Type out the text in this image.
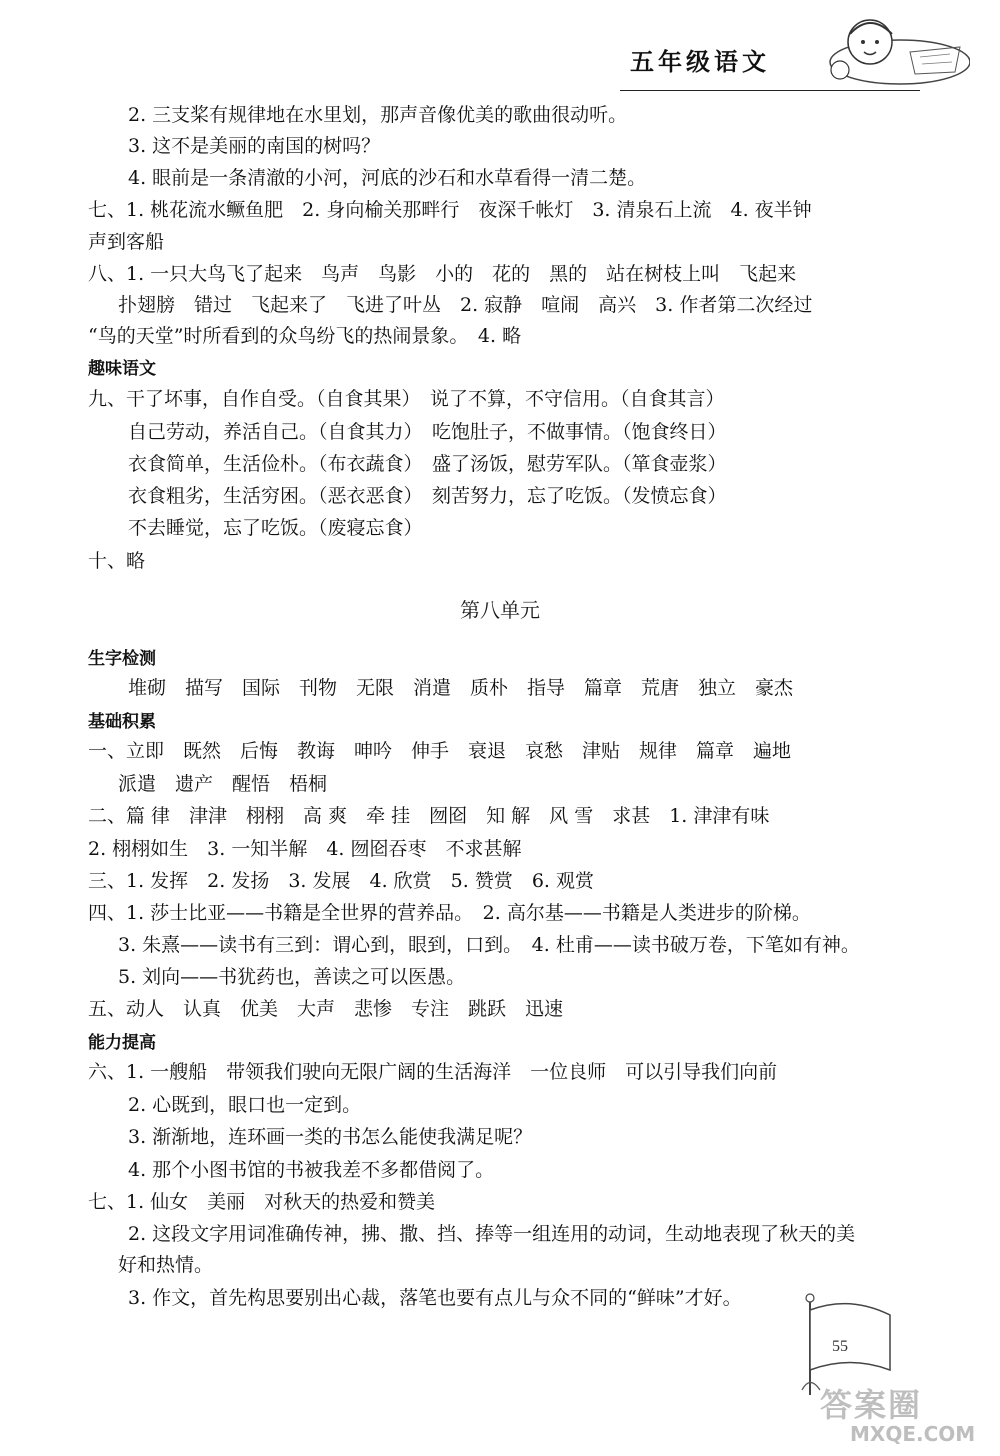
五年级语文
2. 三支桨有规律地在水里划，那声音像优美的歌曲很动听。
3. 这不是美丽的南国的树吗？
4. 眼前是一条清澈的小河，河底的沙石和水草看得一清二楚。
七、1. 桃花流水鳜鱼肥　2. 身向榆关那畔行　夜深千帐灯　3. 清泉石上流　4. 夜半钟
声到客船
八、1. 一只大鸟飞了起来　鸟声　鸟影　小的　花的　黑的　站在树枝上叫　飞起来
扑翅膀　错过　飞起来了　飞进了叶丛　2. 寂静　喧闹　高兴　3. 作者第二次经过
“鸟的天堂”时所看到的众鸟纷飞的热闹景象。　4. 略
趣味语文
九、干了坏事，自作自受。（自食其果）　说了不算，不守信用。（自食其言）
自己劳动，养活自己。（自食其力）　吃饱肚子，不做事情。（饱食终日）
衣食简单，生活俭朴。（布衣蔬食）　盛了汤饭，慰劳军队。（箪食壶浆）
衣食粗劣，生活穷困。（恶衣恶食）　刻苦努力，忘了吃饭。（发愤忘食）
不去睡觉，忘了吃饭。（废寝忘食）
十、略
第八单元
生字检测
堆砌　描写　国际　刊物　无限　消遣　质朴　指导　篇章　荒唐　独立　豪杰
基础积累
一、立即　既然　后悔　教诲　呻吟　伸手　衰退　哀愁　津贴　规律　篇章　遍地
派遣　遗产　醒悟　梧桐
二、篇 律　津津　栩栩　高 爽　牵 挂　囫囵　知 解　风 雪　求甚　1. 津津有味
2. 栩栩如生　3. 一知半解　4. 囫囵吞枣　不求甚解
三、1. 发挥　2. 发扬　3. 发展　4. 欣赏　5. 赞赏　6. 观赏
四、1. 莎士比亚——书籍是全世界的营养品。　2. 高尔基——书籍是人类进步的阶梯。
3. 朱熹——读书有三到：谓心到，眼到，口到。　4. 杜甫——读书破万卷，下笔如有神。
5. 刘向——书犹药也，善读之可以医愚。
五、动人　认真　优美　大声　悲惨　专注　跳跃　迅速
能力提高
六、1. 一艘船　带领我们驶向无限广阔的生活海洋　一位良师　可以引导我们向前
2. 心既到，眼口也一定到。
3. 渐渐地，连环画一类的书怎么能使我满足呢？
4. 那个小图书馆的书被我差不多都借阅了。
七、1. 仙女　美丽　对秋天的热爱和赞美
2. 这段文字用词准确传神，拂、撒、挡、捧等一组连用的动词，生动地表现了秋天的美
好和热情。
3. 作文，首先构思要别出心裁，落笔也要有点儿与众不同的“鲜味”才好。
55
答案圈
MXQE.COM
